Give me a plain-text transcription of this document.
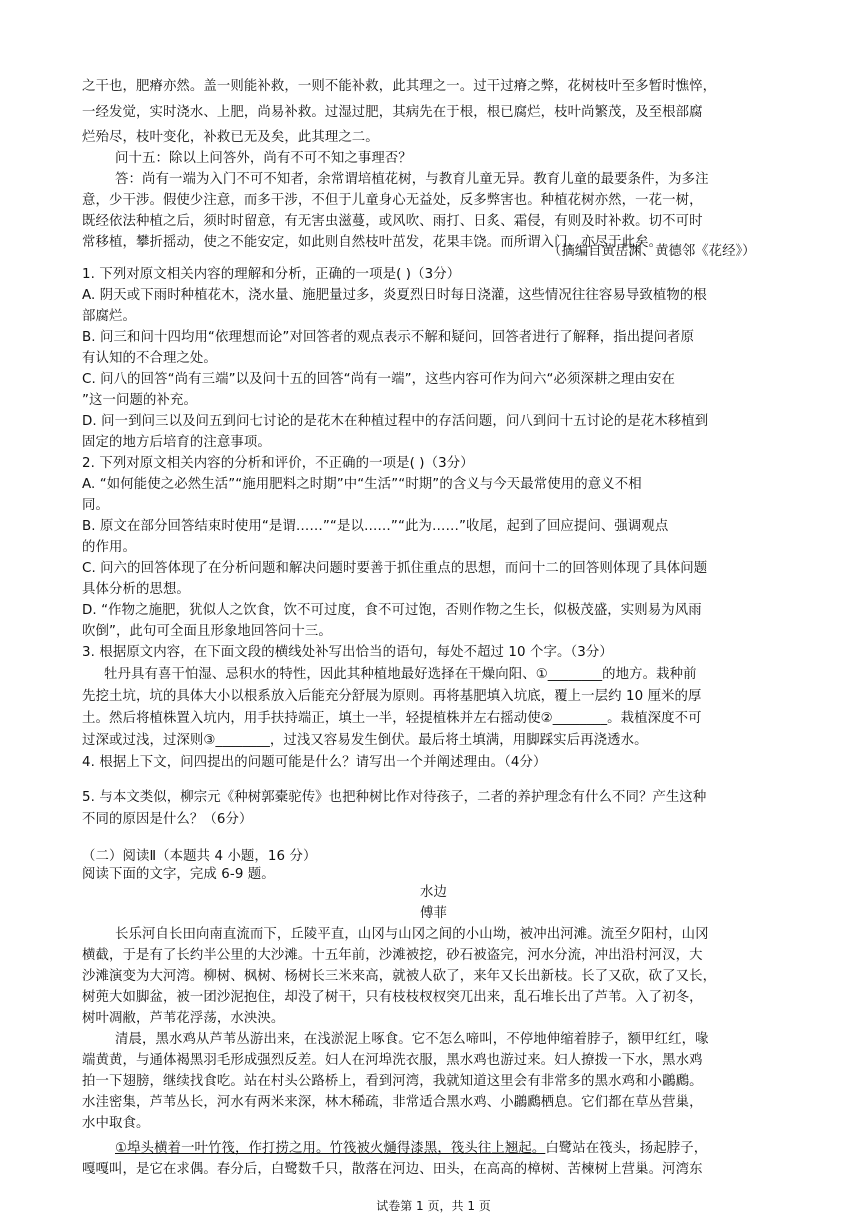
之干也，肥瘠亦然。盖一则能补救，一则不能补救，此其理之一。过干过瘠之弊，花树枝叶至多暂时憔悴，
一经发觉，实时浇水、上肥，尚易补救。过湿过肥，其病先在于根，根已腐烂，枝叶尚繁茂，及至根部腐
烂殆尽，枝叶变化，补救已无及矣，此其理之二。
问十五：除以上问答外，尚有不可不知之事理否？
答：尚有一端为入门不可不知者，余常谓培植花树，与教育儿童无异。教育儿童的最要条件，为多注
意，少干涉。假使少注意，而多干涉，不但于儿童身心无益处，反多弊害也。种植花树亦然，一花一树，
既经依法种植之后，须时时留意，有无害虫滋蔓，或风吹、雨打、日炙、霜侵，有则及时补救。切不可时
常移植，攀折摇动，使之不能安定，如此则自然枝叶茁发，花果丰饶。而所谓入门，亦尽于此矣。
（摘编自黄岳渊、黄德邻《花经》）
1. 下列对原文相关内容的理解和分析，正确的一项是( )（3分）
A. 阴天或下雨时种植花木，浇水量、施肥量过多，炎夏烈日时每日浇灌，这些情况往往容易导致植物的根
部腐烂。
B. 问三和问十四均用“依理想而论”对回答者的观点表示不解和疑问，回答者进行了解释，指出提问者原
有认知的不合理之处。
C. 问八的回答“尚有三端”以及问十五的回答“尚有一端”，这些内容可作为问六“必须深耕之理由安在
”这一问题的补充。
D. 问一到问三以及问五到问七讨论的是花木在种植过程中的存活问题，问八到问十五讨论的是花木移植到
固定的地方后培育的注意事项。
2. 下列对原文相关内容的分析和评价，不正确的一项是( )（3分）
A. “如何能使之必然生活”“施用肥料之时期”中“生活”“时期”的含义与今天最常使用的意义不相
同。
B. 原文在部分回答结束时使用“是谓……”“是以……”“此为……”收尾，起到了回应提问、强调观点
的作用。
C. 问六的回答体现了在分析问题和解决问题时要善于抓住重点的思想，而问十二的回答则体现了具体问题
具体分析的思想。
D. “作物之施肥，犹似人之饮食，饮不可过度，食不可过饱，否则作物之生长，似极茂盛，实则易为风雨
吹倒”，此句可全面且形象地回答问十三。
3. 根据原文内容，在下面文段的横线处补写出恰当的语句，每处不超过 10 个字。（3分）
牡丹具有喜干怕湿、忌积水的特性，因此其种植地最好选择在干燥向阳、①________的地方。栽种前
先挖土坑，坑的具体大小以根系放入后能充分舒展为原则。再将基肥填入坑底，覆上一层约 10 厘米的厚
土。然后将植株置入坑内，用手扶持端正，填土一半，轻提植株并左右摇动使②________。栽植深度不可
过深或过浅，过深则③________，过浅又容易发生倒伏。最后将土填满，用脚踩实后再浇透水。
4. 根据上下文，问四提出的问题可能是什么？请写出一个并阐述理由。（4分）
5. 与本文类似，柳宗元《种树郭橐驼传》也把种树比作对待孩子，二者的养护理念有什么不同？产生这种
不同的原因是什么？（6分）
（二）阅读Ⅱ（本题共 4 小题，16 分）
阅读下面的文字，完成 6-9 题。
水边
傅菲
长乐河自长田向南直流而下，丘陵平直，山冈与山冈之间的小山坳，被冲出河滩。流至夕阳村，山冈
横截，于是有了长约半公里的大沙滩。十五年前，沙滩被挖，砂石被盗完，河水分流，冲出沿村河汊，大
沙滩演变为大河湾。柳树、枫树、杨树长三米来高，就被人砍了，来年又长出新枝。长了又砍，砍了又长，
树蔸大如脚盆，被一团沙泥抱住，却没了树干，只有枝枝杈杈突兀出来，乱石堆长出了芦苇。入了初冬，
树叶凋敝，芦苇花浮荡，水泱泱。
清晨，黑水鸡从芦苇丛游出来，在浅淤泥上啄食。它不怎么啼叫，不停地伸缩着脖子，额甲红红，喙
端黄黄，与通体褐黑羽毛形成强烈反差。妇人在河埠洗衣服，黑水鸡也游过来。妇人撩拨一下水，黑水鸡
拍一下翅膀，继续找食吃。站在村头公路桥上，看到河湾，我就知道这里会有非常多的黑水鸡和小鸊鷉。
水洼密集，芦苇丛长，河水有两米来深，林木稀疏，非常适合黑水鸡、小鸊鷉栖息。它们都在草丛营巢，
水中取食。
①埠头横着一叶竹筏，作打捞之用。竹筏被火熥得漆黑，筏头往上翘起。白鹭站在筏头，扬起脖子，
嘎嘎叫，是它在求偶。春分后，白鹭数千只，散落在河边、田头，在高高的樟树、苦楝树上营巢。河湾东
试卷第 1 页，共 1 页
